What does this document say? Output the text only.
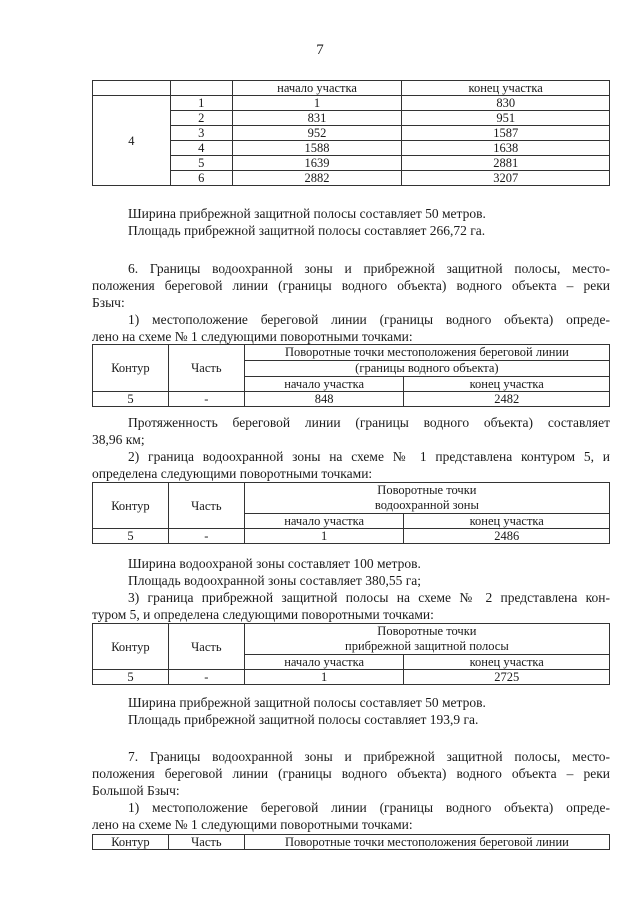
7
		начало участка	конец участка
4	1	1	830
	2	831	951
	3	952	1587
	4	1588	1638
	5	1639	2881
	6	2882	3207
Ширина прибрежной защитной полосы составляет 50 метров.
Площадь прибрежной защитной полосы составляет 266,72 га.
6. Границы водоохранной зоны и прибрежной защитной полосы, место-
положения береговой линии (границы водного объекта) водного объекта – реки
Бзыч:
1) местоположение береговой линии (границы водного объекта) опреде-
лено на схеме № 1 следующими поворотными точками:
Контур	Часть	Поворотные точки местоположения береговой линии	
		(границы водного объекта)	
		начало участка	конец участка
5	-	848	2482
Протяженность береговой линии (границы водного объекта) составляет
38,96 км;
2) граница водоохранной зоны на схеме № 1 представлена контуром 5, и
определена следующими поворотными точками:
Контур	Часть	Поворотные точки	
		водоохранной зоны	
		начало участка	конец участка
5	-	1	2486
Ширина водоохраной зоны составляет 100 метров.
Площадь водоохранной зоны составляет 380,55 га;
3) граница прибрежной защитной полосы на схеме № 2 представлена кон-
туром 5, и определена следующими поворотными точками:
Контур	Часть	Поворотные точки	
		прибрежной защитной полосы	
		начало участка	конец участка
5	-	1	2725
Ширина прибрежной защитной полосы составляет 50 метров.
Площадь прибрежной защитной полосы составляет 193,9 га.
7. Границы водоохранной зоны и прибрежной защитной полосы, место-
положения береговой линии (границы водного объекта) водного объекта – реки
Большой Бзыч:
1) местоположение береговой линии (границы водного объекта) опреде-
лено на схеме № 1 следующими поворотными точками:
Контур	Часть	Поворотные точки местоположения береговой линии
